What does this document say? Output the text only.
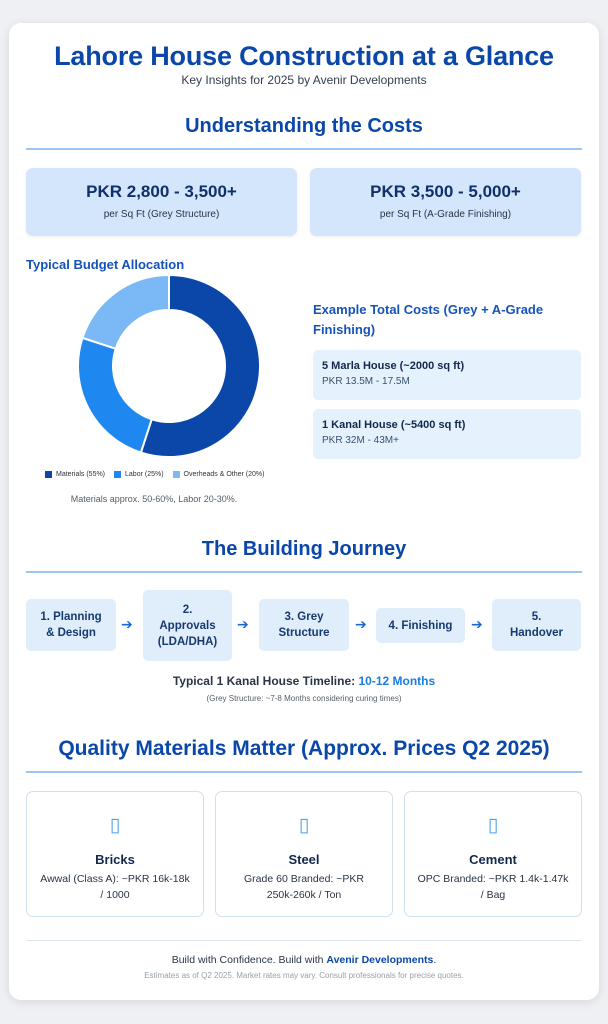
Lahore House Construction at a Glance
Key Insights for 2025 by Avenir Developments
Understanding the Costs
PKR 2,800 - 3,500+
per Sq Ft (Grey Structure)
PKR 3,500 - 5,000+
per Sq Ft (A-Grade Finishing)
Typical Budget Allocation
Materials (55%)	Labor (25%)	Overheads & Other (20%)
Materials approx. 50-60%, Labor 20-30%.
Example Total Costs (Grey + A-Grade Finishing)
5 Marla House (~2000 sq ft)
PKR 13.5M - 17.5M
1 Kanal House (~5400 sq ft)
PKR 32M - 43M+
The Building Journey
1. Planning
& Design
➔
2.
Approvals
(LDA/DHA)
➔	3. Grey
Structure
➔ 4. Finishing ➔	5.
Handover
Typical 1 Kanal House Timeline: 10-12 Months
(Grey Structure: ~7-8 Months considering curing times)
Quality Materials Matter (Approx. Prices Q2 2025)
▯
Bricks
Awwal (Class A): ~PKR 16k-18k
/ 1000
▯
Steel
Grade 60 Branded: ~PKR
250k-260k / Ton
▯
Cement
OPC Branded: ~PKR 1.4k-1.47k
/ Bag
Build with Confidence. Build with Avenir Developments.
Estimates as of Q2 2025. Market rates may vary. Consult professionals for precise quotes.
